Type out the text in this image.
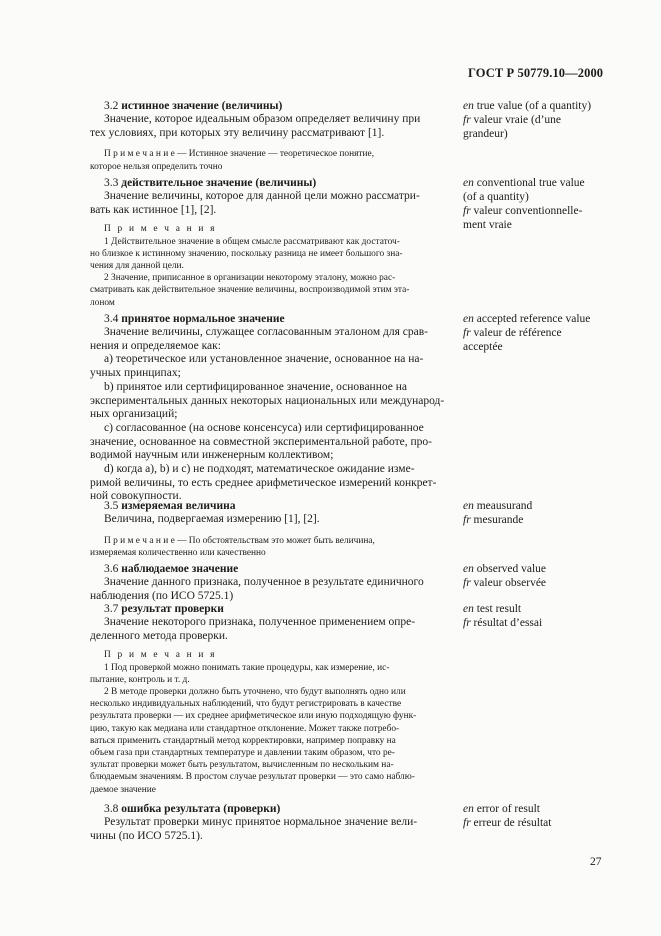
ГОСТ Р 50779.10—2000
3.2 истинное значение (величины)
Значение, которое идеальным образом определяет величину при
тех условиях, при которых эту величину рассматривают [1].
П р и м е ч а н и е — Истинное значение — теоретическое понятие,
которое нельзя определить точно
en true value (of a quantity)
fr valeur vraie (d’une
grandeur)
3.3 действительное значение (величины)
Значение величины, которое для данной цели можно рассматри-
вать как истинное [1], [2].
П р и м е ч а н и я
1 Действительное значение в общем смысле рассматривают как достаточ-
но близкое к истинному значению, поскольку разница не имеет большого зна-
чения для данной цели.
2 Значение, приписанное в организации некоторому эталону, можно рас-
сматривать как действительное значение величины, воспроизводимой этим эта-
лоном
en conventional true value
(of a quantity)
fr valeur conventionnelle-
ment vraie
3.4 принятое нормальное значение
Значение величины, служащее согласованным эталоном для срав-
нения и определяемое как:
а) теоретическое или установленное значение, основанное на на-
учных принципах;
b) принятое или сертифицированное значение, основанное на
экспериментальных данных некоторых национальных или международ-
ных организаций;
с) согласованное (на основе консенсуса) или сертифицированное
значение, основанное на совместной экспериментальной работе, про-
водимой научным или инженерным коллективом;
d) когда а), b) и с) не подходят, математическое ожидание изме-
римой величины, то есть среднее арифметическое измерений конкрет-
ной совокупности.
en accepted reference value
fr valeur de référence
acceptée
3.5 измеряемая величина
Величина, подвергаемая измерению [1], [2].
П р и м е ч а н и е — По обстоятельствам это может быть величина,
измеряемая количественно или качественно
en meausurand
fr mesurande
3.6 наблюдаемое значение
Значение данного признака, полученное в результате единичного
наблюдения (по ИСО 5725.1)
en observed value
fr valeur observée
3.7 результат проверки
Значение некоторого признака, полученное применением опре-
деленного метода проверки.
П р и м е ч а н и я
1 Под проверкой можно понимать такие процедуры, как измерение, ис-
пытание, контроль и т. д.
2 В методе проверки должно быть уточнено, что будут выполнять одно или
несколько индивидуальных наблюдений, что будут регистрировать в качестве
результата проверки — их среднее арифметическое или иную подходящую функ-
цию, такую как медиана или стандартное отклонение. Может также потребо-
ваться применить стандартный метод корректировки, например поправку на
объем газа при стандартных температуре и давлении таким образом, что ре-
зультат проверки может быть результатом, вычисленным по нескольким на-
блюдаемым значениям. В простом случае результат проверки — это само наблю-
даемое значение
en test result
fr résultat d’essai
3.8 ошибка результата (проверки)
Результат проверки минус принятое нормальное значение вели-
чины (по ИСО 5725.1).
en error of result
fr erreur de résultat
27
